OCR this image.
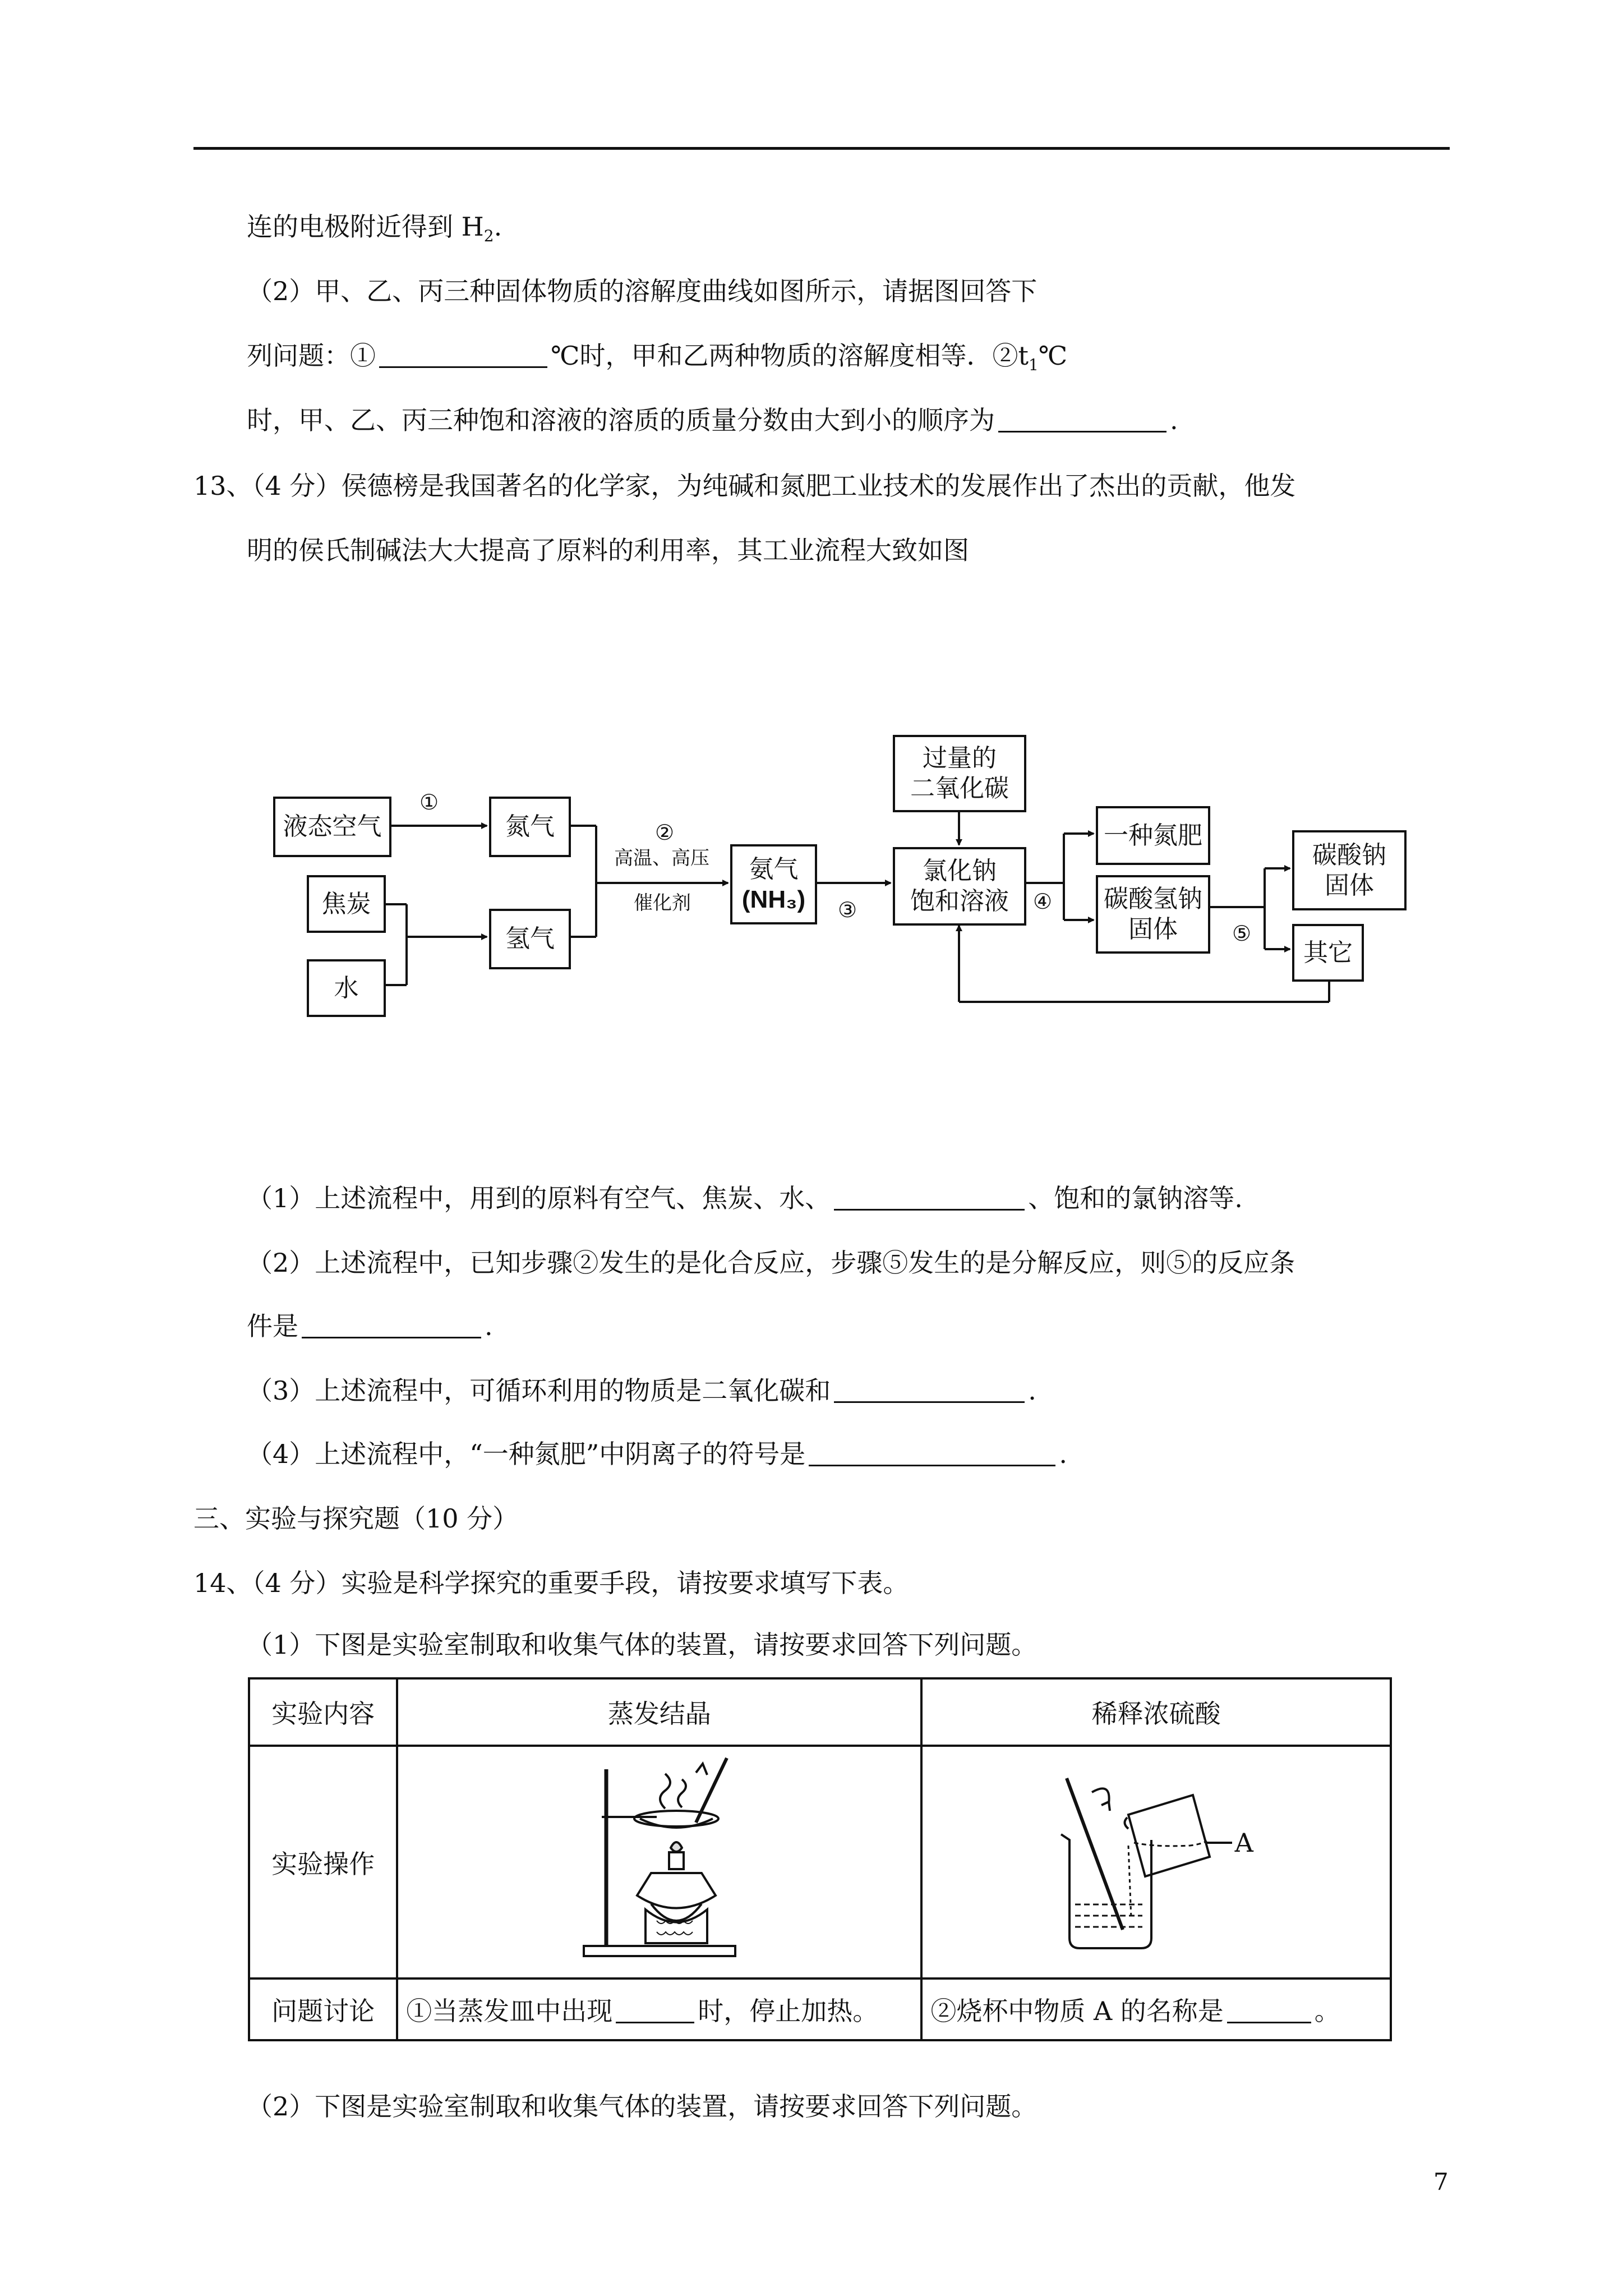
连的电极附近得到 $H_2$.
（2）甲、乙、丙三种固体物质的溶解度曲线如图所示，请据图回答下
列问题：①	℃时，甲和乙两种物质的溶解度相等．$②t_1℃$
时，甲、乙、丙三种饱和溶液的溶质的质量分数由大到小的顺序为	.
13、（4 分）侯德榜是我国著名的化学家，为纯碱和氮肥工业技术的发展作出了杰出的贡献，他发
明的侯氏制碱法大大提高了原料的利用率，其工业流程大致如图
液态空气
焦炭
水
氮气
氢气
氨气
(NH₃)
过量的
二氧化碳
氯化钠
饱和溶液
一种氮肥
碳酸氢钠
固体
碳酸钠
固体
其它
①
②
高温、高压
催化剂	③	④
⑤
（1）上述流程中，用到的原料有空气、焦炭、水、	、饱和的氯钠溶等.
（2）上述流程中，已知步骤②发生的是化合反应，步骤⑤发生的是分解反应，则⑤的反应条
件是	.
（3）上述流程中，可循环利用的物质是二氧化碳和	.
（4）上述流程中，“一种氮肥”中阴离子的符号是	.
三、实验与探究题（10 分）
14、（4 分）实验是科学探究的重要手段，请按要求填写下表。
（1）下图是实验室制取和收集气体的装置，请按要求回答下列问题。
实验内容	蒸发结晶	稀释浓硫酸
实验操作		A

问题讨论	①当蒸发皿中出现 时，停止加热。	②烧杯中物质 A 的名称是 。
（2）下图是实验室制取和收集气体的装置，请按要求回答下列问题。
7
